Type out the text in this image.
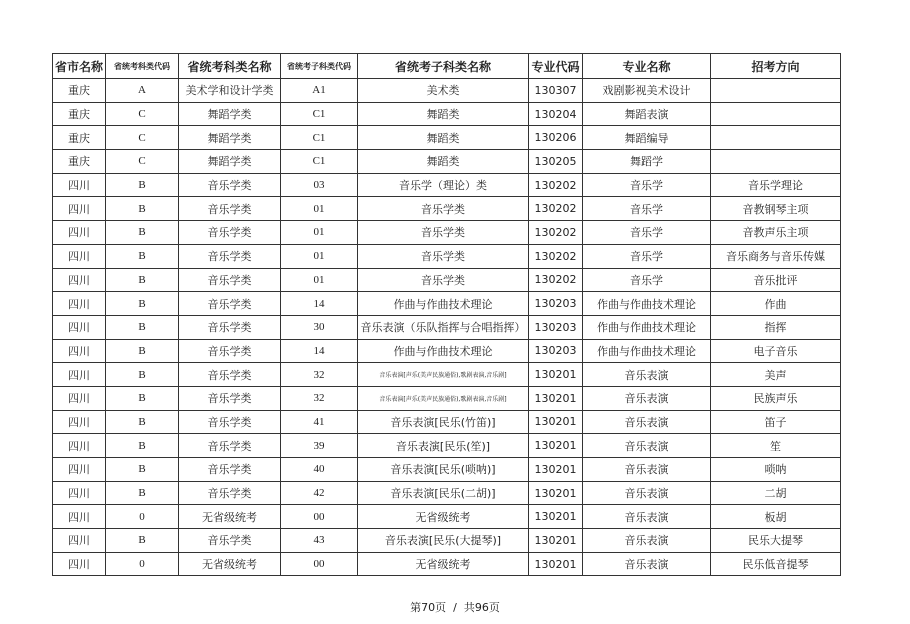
省市名称	省统考科类代码	省统考科类名称	省统考子科类代码	省统考子科类名称	专业代码	专业名称	招考方向
重庆	A	美术学和设计学类	A1	美术类	130307	戏剧影视美术设计	
重庆	C	舞蹈学类	C1	舞蹈类	130204	舞蹈表演	
重庆	C	舞蹈学类	C1	舞蹈类	130206	舞蹈编导	
重庆	C	舞蹈学类	C1	舞蹈类	130205	舞蹈学	
四川	B	音乐学类	03	音乐学（理论）类	130202	音乐学	音乐学理论
四川	B	音乐学类	01	音乐学类	130202	音乐学	音教钢琴主项
四川	B	音乐学类	01	音乐学类	130202	音乐学	音教声乐主项
四川	B	音乐学类	01	音乐学类	130202	音乐学	音乐商务与音乐传媒
四川	B	音乐学类	01	音乐学类	130202	音乐学	音乐批评
四川	B	音乐学类	14	作曲与作曲技术理论	130203	作曲与作曲技术理论	作曲
四川	B	音乐学类	30	音乐表演（乐队指挥与合唱指挥）	130203	作曲与作曲技术理论	指挥
四川	B	音乐学类	14	作曲与作曲技术理论	130203	作曲与作曲技术理论	电子音乐
四川	B	音乐学类	32	音乐表演[声乐(美声民族通俗),歌剧表演,音乐剧]	130201	音乐表演	美声
四川	B	音乐学类	32	音乐表演[声乐(美声民族通俗),歌剧表演,音乐剧]	130201	音乐表演	民族声乐
四川	B	音乐学类	41	音乐表演[民乐(竹笛)]	130201	音乐表演	笛子
四川	B	音乐学类	39	音乐表演[民乐(笙)]	130201	音乐表演	笙
四川	B	音乐学类	40	音乐表演[民乐(唢呐)]	130201	音乐表演	唢呐
四川	B	音乐学类	42	音乐表演[民乐(二胡)]	130201	音乐表演	二胡
四川	0	无省级统考	00	无省级统考	130201	音乐表演	板胡
四川	B	音乐学类	43	音乐表演[民乐(大提琴)]	130201	音乐表演	民乐大提琴
四川	0	无省级统考	00	无省级统考	130201	音乐表演	民乐低音提琴
第70页 / 共96页
